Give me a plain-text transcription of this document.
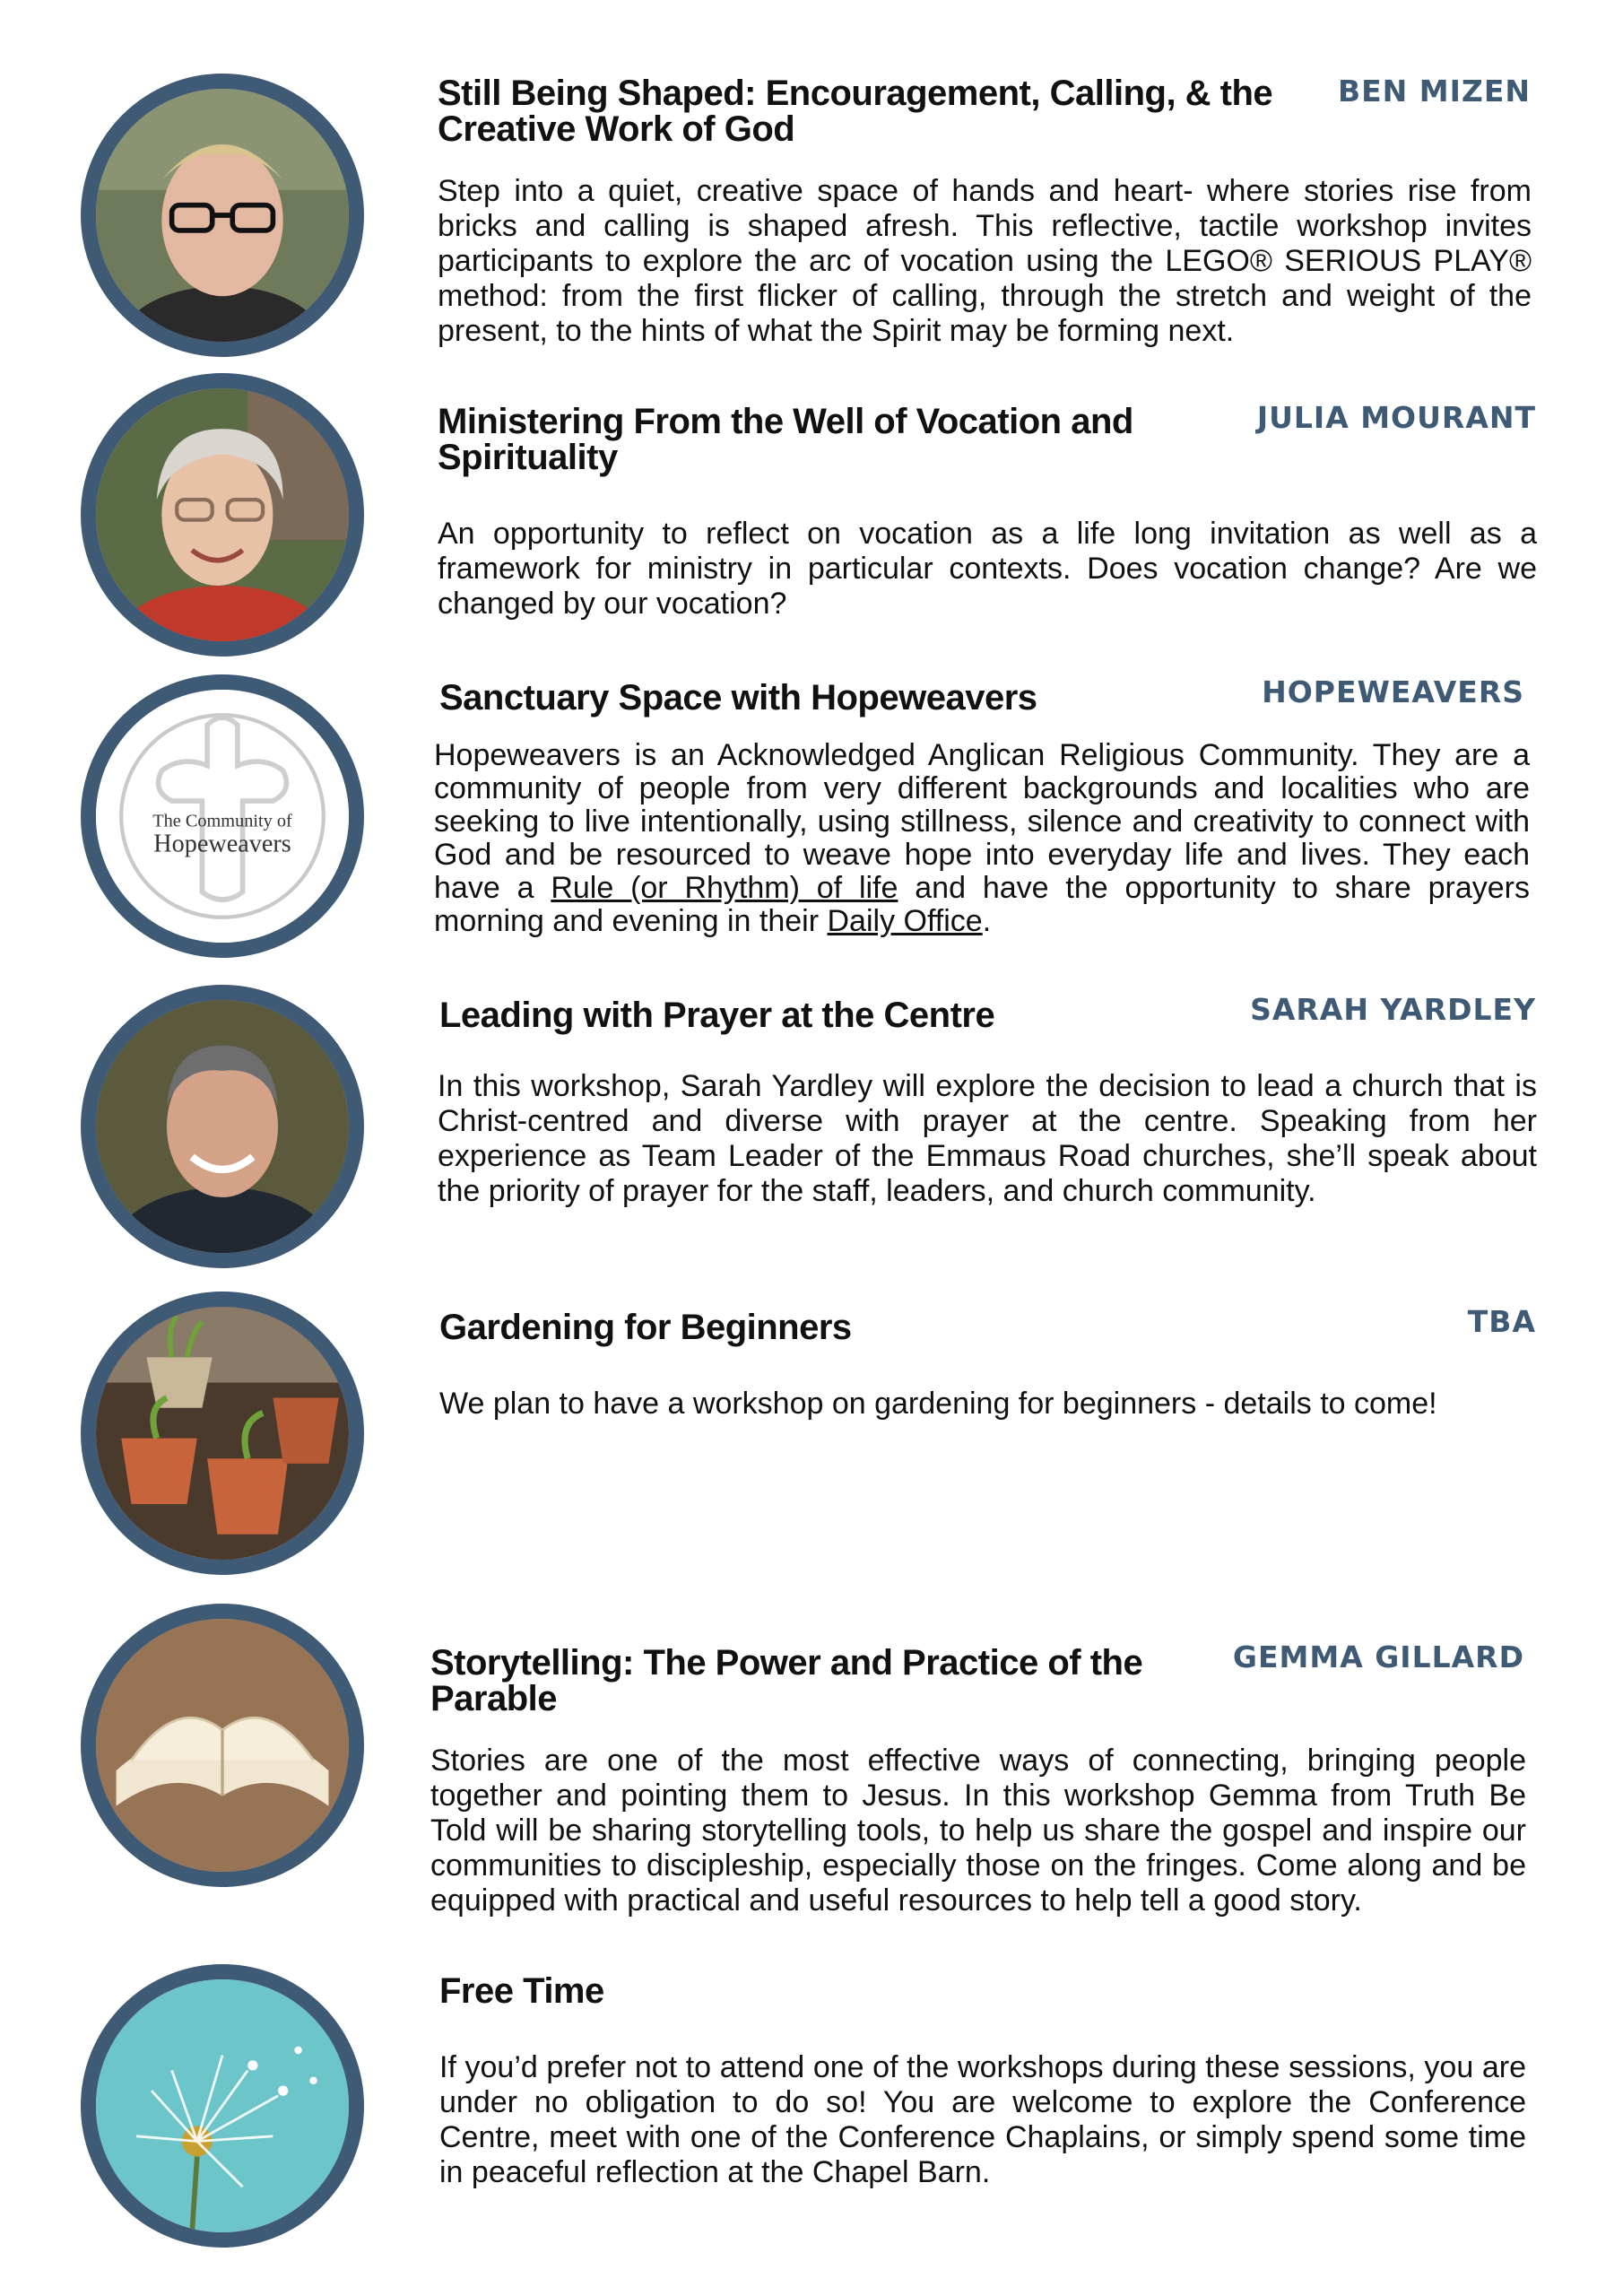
Still Being Shaped: Encouragement, Calling, & the
Creative Work of God

BEN MIZEN

Step into a quiet, creative space of hands and heart- where stories rise from bricks and calling is shaped afresh. This reflective, tactile workshop invites participants to explore the arc of vocation using the LEGO® SERIOUS PLAY® method: from the first flicker of calling, through the stretch and weight of the present, to the hints of what the Spirit may be forming next.

Ministering From the Well of Vocation and
Spirituality

JULIA MOURANT

An opportunity to reflect on vocation as a life long invitation as well as a framework for ministry in particular contexts. Does vocation change? Are we changed by our vocation?

The Community of
Hopeweavers
Sanctuary Space with Hopeweavers	HOPEWEAVERS

Hopeweavers is an Acknowledged Anglican Religious Community. They are a community of people from very different backgrounds and localities who are seeking to live intentionally, using stillness, silence and creativity to connect with God and be resourced to weave hope into everyday life and lives. They each have a Rule (or Rhythm) of life and have the opportunity to share prayers morning and evening in their Daily Office.

Leading with Prayer at the Centre	SARAH YARDLEY

In this workshop, Sarah Yardley will explore the decision to lead a church that is Christ-centred and diverse with prayer at the centre. Speaking from her experience as Team Leader of the Emmaus Road churches, she’ll speak about the priority of prayer for the staff, leaders, and church community.

Gardening for Beginners	TBA

We plan to have a workshop on gardening for beginners - details to come!

Storytelling: The Power and Practice of the
Parable

GEMMA GILLARD

Stories are one of the most effective ways of connecting, bringing people together and pointing them to Jesus. In this workshop Gemma from Truth Be Told will be sharing storytelling tools, to help us share the gospel and inspire our communities to discipleship, especially those on the fringes. Come along and be equipped with practical and useful resources to help tell a good story.

Free Time

If you’d prefer not to attend one of the workshops during these sessions, you are under no obligation to do so! You are welcome to explore the Conference Centre, meet with one of the Conference Chaplains, or simply spend some time in peaceful reflection at the Chapel Barn.
